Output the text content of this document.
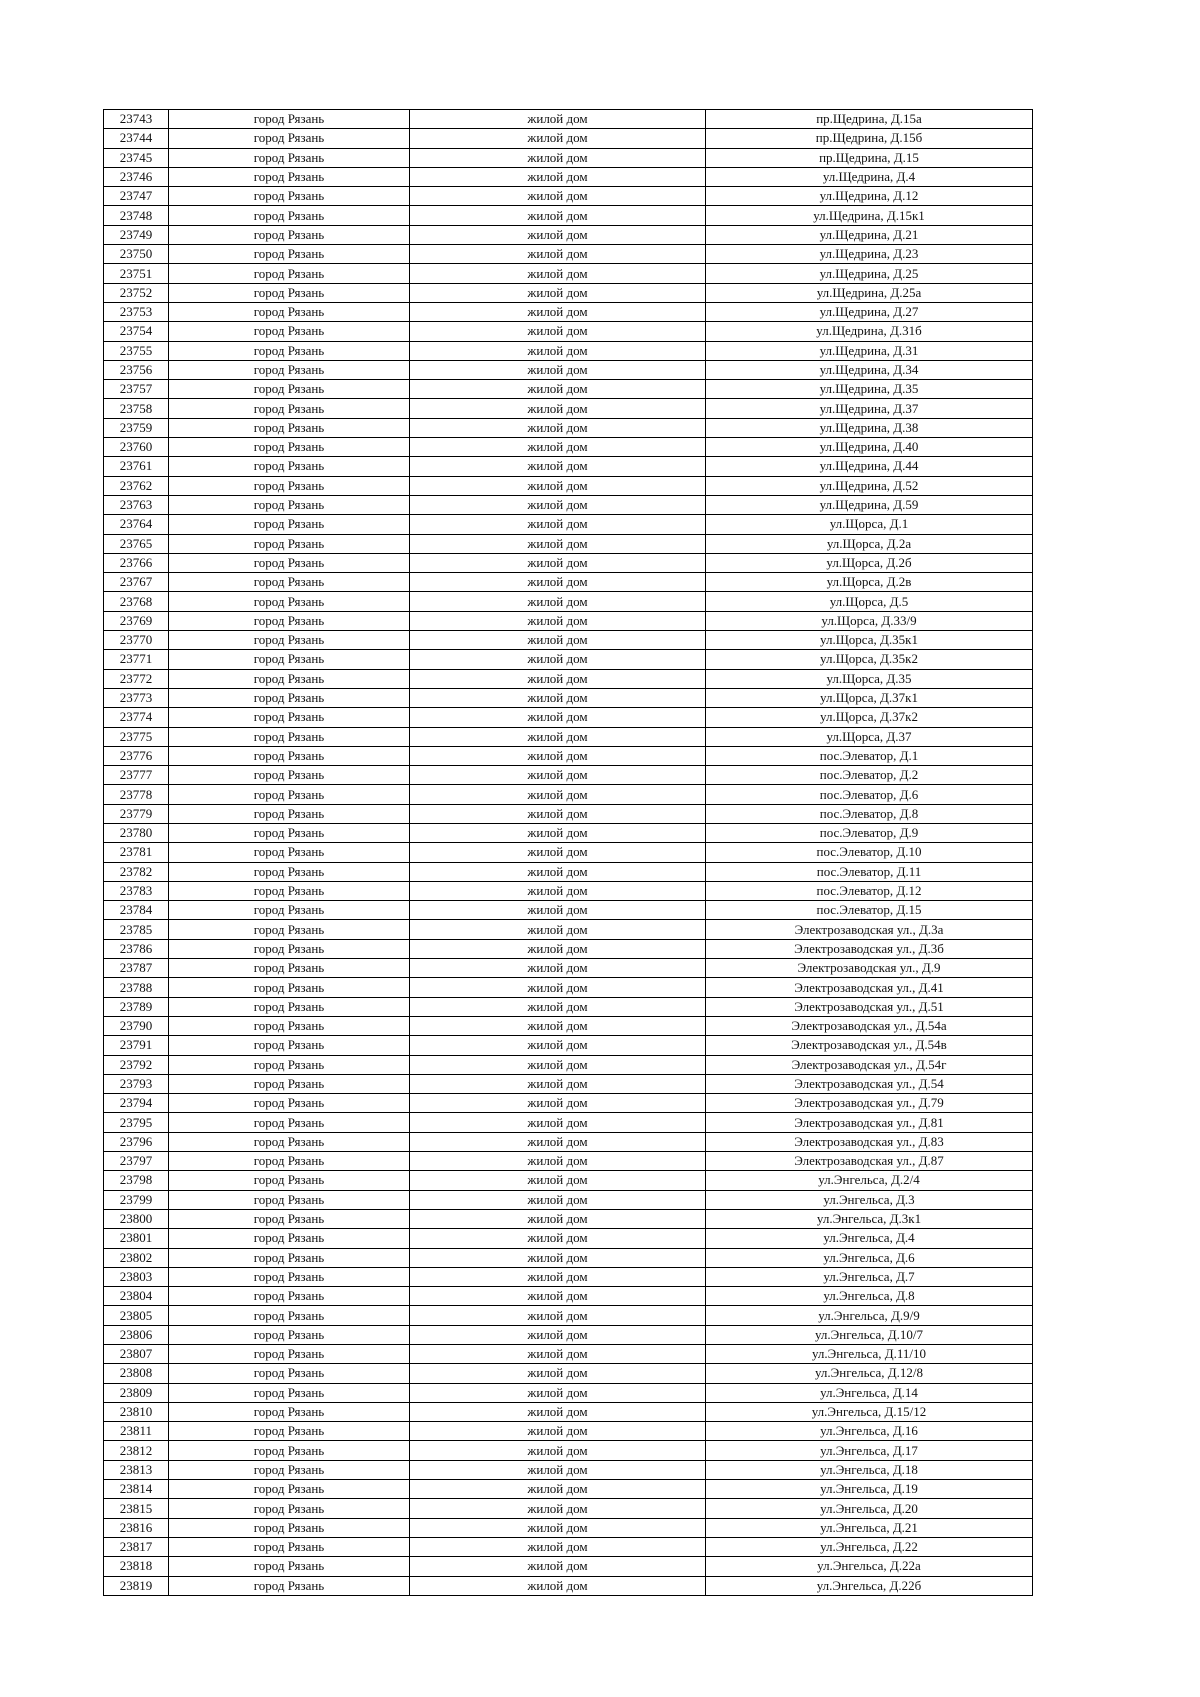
23743	город Рязань	жилой дом	пр.Щедрина, Д.15а
23744	город Рязань	жилой дом	пр.Щедрина, Д.15б
23745	город Рязань	жилой дом	пр.Щедрина, Д.15
23746	город Рязань	жилой дом	ул.Щедрина, Д.4
23747	город Рязань	жилой дом	ул.Щедрина, Д.12
23748	город Рязань	жилой дом	ул.Щедрина, Д.15к1
23749	город Рязань	жилой дом	ул.Щедрина, Д.21
23750	город Рязань	жилой дом	ул.Щедрина, Д.23
23751	город Рязань	жилой дом	ул.Щедрина, Д.25
23752	город Рязань	жилой дом	ул.Щедрина, Д.25а
23753	город Рязань	жилой дом	ул.Щедрина, Д.27
23754	город Рязань	жилой дом	ул.Щедрина, Д.31б
23755	город Рязань	жилой дом	ул.Щедрина, Д.31
23756	город Рязань	жилой дом	ул.Щедрина, Д.34
23757	город Рязань	жилой дом	ул.Щедрина, Д.35
23758	город Рязань	жилой дом	ул.Щедрина, Д.37
23759	город Рязань	жилой дом	ул.Щедрина, Д.38
23760	город Рязань	жилой дом	ул.Щедрина, Д.40
23761	город Рязань	жилой дом	ул.Щедрина, Д.44
23762	город Рязань	жилой дом	ул.Щедрина, Д.52
23763	город Рязань	жилой дом	ул.Щедрина, Д.59
23764	город Рязань	жилой дом	ул.Щорса, Д.1
23765	город Рязань	жилой дом	ул.Щорса, Д.2а
23766	город Рязань	жилой дом	ул.Щорса, Д.2б
23767	город Рязань	жилой дом	ул.Щорса, Д.2в
23768	город Рязань	жилой дом	ул.Щорса, Д.5
23769	город Рязань	жилой дом	ул.Щорса, Д.33/9
23770	город Рязань	жилой дом	ул.Щорса, Д.35к1
23771	город Рязань	жилой дом	ул.Щорса, Д.35к2
23772	город Рязань	жилой дом	ул.Щорса, Д.35
23773	город Рязань	жилой дом	ул.Щорса, Д.37к1
23774	город Рязань	жилой дом	ул.Щорса, Д.37к2
23775	город Рязань	жилой дом	ул.Щорса, Д.37
23776	город Рязань	жилой дом	пос.Элеватор, Д.1
23777	город Рязань	жилой дом	пос.Элеватор, Д.2
23778	город Рязань	жилой дом	пос.Элеватор, Д.6
23779	город Рязань	жилой дом	пос.Элеватор, Д.8
23780	город Рязань	жилой дом	пос.Элеватор, Д.9
23781	город Рязань	жилой дом	пос.Элеватор, Д.10
23782	город Рязань	жилой дом	пос.Элеватор, Д.11
23783	город Рязань	жилой дом	пос.Элеватор, Д.12
23784	город Рязань	жилой дом	пос.Элеватор, Д.15
23785	город Рязань	жилой дом	Электрозаводская ул., Д.3а
23786	город Рязань	жилой дом	Электрозаводская ул., Д.3б
23787	город Рязань	жилой дом	Электрозаводская ул., Д.9
23788	город Рязань	жилой дом	Электрозаводская ул., Д.41
23789	город Рязань	жилой дом	Электрозаводская ул., Д.51
23790	город Рязань	жилой дом	Электрозаводская ул., Д.54а
23791	город Рязань	жилой дом	Электрозаводская ул., Д.54в
23792	город Рязань	жилой дом	Электрозаводская ул., Д.54г
23793	город Рязань	жилой дом	Электрозаводская ул., Д.54
23794	город Рязань	жилой дом	Электрозаводская ул., Д.79
23795	город Рязань	жилой дом	Электрозаводская ул., Д.81
23796	город Рязань	жилой дом	Электрозаводская ул., Д.83
23797	город Рязань	жилой дом	Электрозаводская ул., Д.87
23798	город Рязань	жилой дом	ул.Энгельса, Д.2/4
23799	город Рязань	жилой дом	ул.Энгельса, Д.3
23800	город Рязань	жилой дом	ул.Энгельса, Д.3к1
23801	город Рязань	жилой дом	ул.Энгельса, Д.4
23802	город Рязань	жилой дом	ул.Энгельса, Д.6
23803	город Рязань	жилой дом	ул.Энгельса, Д.7
23804	город Рязань	жилой дом	ул.Энгельса, Д.8
23805	город Рязань	жилой дом	ул.Энгельса, Д.9/9
23806	город Рязань	жилой дом	ул.Энгельса, Д.10/7
23807	город Рязань	жилой дом	ул.Энгельса, Д.11/10
23808	город Рязань	жилой дом	ул.Энгельса, Д.12/8
23809	город Рязань	жилой дом	ул.Энгельса, Д.14
23810	город Рязань	жилой дом	ул.Энгельса, Д.15/12
23811	город Рязань	жилой дом	ул.Энгельса, Д.16
23812	город Рязань	жилой дом	ул.Энгельса, Д.17
23813	город Рязань	жилой дом	ул.Энгельса, Д.18
23814	город Рязань	жилой дом	ул.Энгельса, Д.19
23815	город Рязань	жилой дом	ул.Энгельса, Д.20
23816	город Рязань	жилой дом	ул.Энгельса, Д.21
23817	город Рязань	жилой дом	ул.Энгельса, Д.22
23818	город Рязань	жилой дом	ул.Энгельса, Д.22а
23819	город Рязань	жилой дом	ул.Энгельса, Д.22б
